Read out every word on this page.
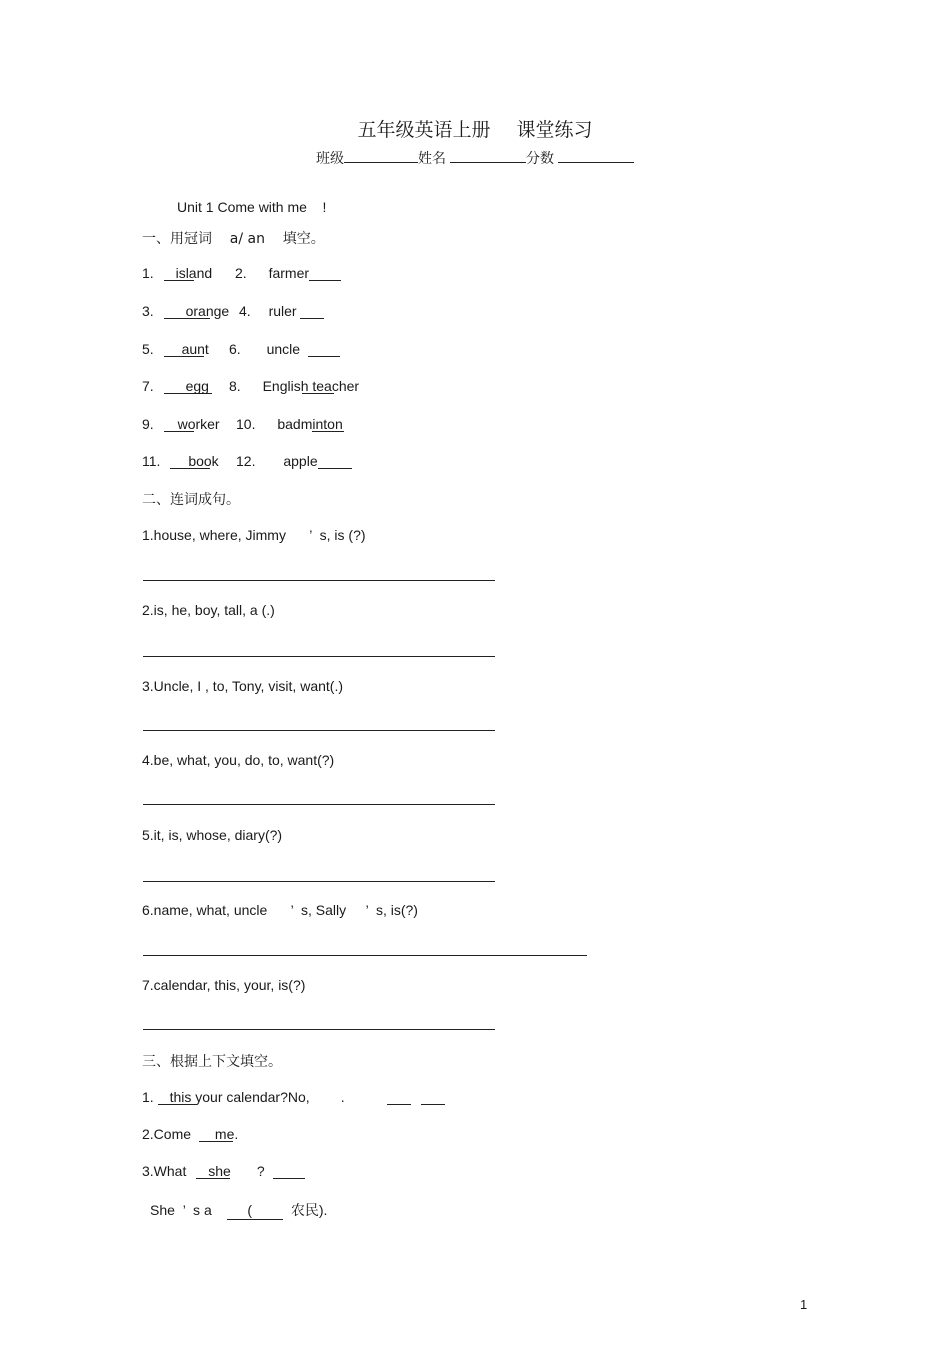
五年级英语上册 课堂练习
班级	姓名	分数
Unit 1 Come with me    !
一、用冠词    a/ an    填空。
1. island 2. farmer
3. orange 4. ruler
5. aunt 6. uncle
7. egg 8. English teacher
9. worker 10. badminton
11. book 12. apple
二、连词成句。
1.house, where, Jimmy      ’  s, is (?)
2.is, he, boy, tall, a (.)
3.Uncle, I , to, Tony, visit, want(.)
4.be, what, you, do, to, want(?)
5.it, is, whose, diary(?)
6.name, what, uncle      ’  s, Sally     ’  s, is(?)
7.calendar, this, your, is(?)
三、根据上下文填空。
1. this your calendar?No,        .
2.Come me.
3.What she ?
She  ’  s a	(	农民).
1
